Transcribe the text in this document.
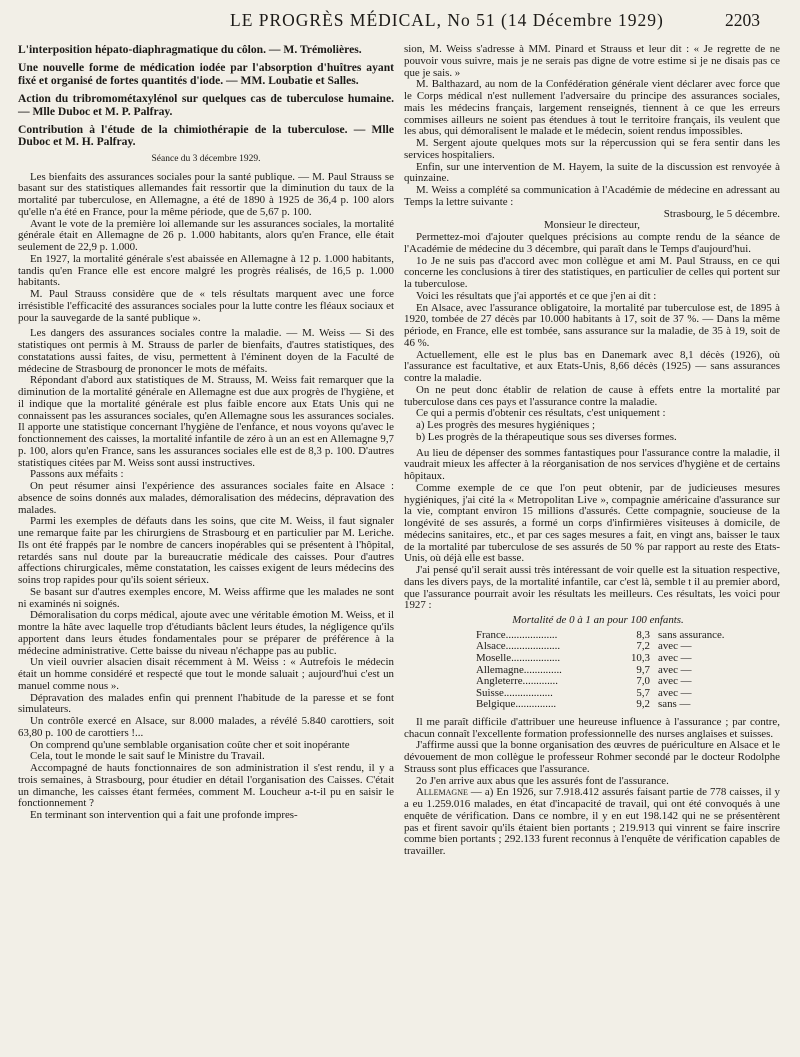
LE PROGRÈS MÉDICAL, No 51 (14 Décembre 1929)	2203

L'interposition hépato-diaphragmatique du côlon. — M. Trémolières.

Une nouvelle forme de médication iodée par l'absorption d'huîtres ayant fixé et organisé de fortes quantités d'iode. — MM. Loubatie et Salles.

Action du tribromométaxylénol sur quelques cas de tuberculose humaine. — Mlle Duboc et M. P. Palfray.

Contribution à l'étude de la chimiothérapie de la tuberculose. — Mlle Duboc et M. H. Palfray.

Séance du 3 décembre 1929.

Les bienfaits des assurances sociales pour la santé publique. — M. Paul Strauss se basant sur des statistiques allemandes fait ressortir que la diminution du taux de la mortalité par tuberculose, en Allemagne, a été de 1890 à 1925 de 36,4 p. 100 alors qu'elle n'a été en France, pour la même période, que de 5,67 p. 100.

Avant le vote de la première loi allemande sur les assurances sociales, la mortalité générale était en Allemagne de 26 p. 1.000 habitants, alors qu'en France, elle était seulement de 22,9 p. 1.000.

En 1927, la mortalité générale s'est abaissée en Allemagne à 12 p. 1.000 habitants, tandis qu'en France elle est encore malgré les progrès réalisés, de 16,5 p. 1.000 habitants.

M. Paul Strauss considère que de « tels résultats marquent avec une force irrésistible l'efficacité des assurances sociales pour la lutte contre les fléaux sociaux et pour la sauvegarde de la santé publique ».

Les dangers des assurances sociales contre la maladie. — M. Weiss — Si des statistiques ont permis à M. Strauss de parler de bienfaits, d'autres statistiques, des constatations aussi faites, de visu, permettent à l'éminent doyen de la Faculté de médecine de Strasbourg de prononcer le mots de méfaits.

Répondant d'abord aux statistiques de M. Strauss, M. Weiss fait remarquer que la diminution de la mortalité générale en Allemagne est due aux progrès de l'hygiène, et il indique que la mortalité générale est plus faible encore aux Etats Unis qui ne connaissent pas les assurances sociales, qu'en Allemagne sous les assurances sociales. Il apporte une statistique concernant l'hygiène de l'enfance, et nous voyons qu'avec le fonctionnement des caisses, la mortalité infantile de zéro à un an est en Allemagne 9,7 p. 100, alors qu'en France, sans les assurances sociales elle est de 8,3 p. 100. D'autres statistiques citées par M. Weiss sont aussi instructives.

Passons aux méfaits :

On peut résumer ainsi l'expérience des assurances sociales faite en Alsace : absence de soins donnés aux malades, démoralisation des médecins, dépravation des malades.

Parmi les exemples de défauts dans les soins, que cite M. Weiss, il faut signaler une remarque faite par les chirurgiens de Strasbourg et en particulier par M. Leriche. Ils ont été frappés par le nombre de cancers inopérables qui se présentent à l'hôpital, retardés sans nul doute par la bureaucratie médicale des caisses. Pour d'autres affections chirurgicales, même constatation, les caisses exigent de leurs médecins des soins trop rapides pour qu'ils soient sérieux.

Se basant sur d'autres exemples encore, M. Weiss affirme que les malades ne sont ni examinés ni soignés.

Démoralisation du corps médical, ajoute avec une véritable émotion M. Weiss, et il montre la hâte avec laquelle trop d'étudiants bâclent leurs études, la négligence qu'ils apportent dans leurs études fondamentales pour se préparer de préférence à la médecine administrative. Cette baisse du niveau n'échappe pas au public.

Un vieil ouvrier alsacien disait récemment à M. Weiss : « Autrefois le médecin était un homme considéré et respecté que tout le monde saluait ; aujourd'hui c'est un manuel comme nous ».

Dépravation des malades enfin qui prennent l'habitude de la paresse et se font simulateurs.

Un contrôle exercé en Alsace, sur 8.000 malades, a révélé 5.840 carottiers, soit 63,80 p. 100 de carottiers !...

On comprend qu'une semblable organisation coûte cher et soit inopérante

Cela, tout le monde le sait sauf le Ministre du Travail.

Accompagné de hauts fonctionnaires de son administration il s'est rendu, il y a trois semaines, à Strasbourg, pour étudier en détail l'organisation des Caisses. C'était un dimanche, les caisses étant fermées, comment M. Loucheur a-t-il pu en saisir le fonctionnement ?

En terminant son intervention qui a fait une profonde impres-

sion, M. Weiss s'adresse à MM. Pinard et Strauss et leur dit : « Je regrette de ne pouvoir vous suivre, mais je ne serais pas digne de votre estime si je ne disais pas ce que je sais. »

M. Balthazard, au nom de la Confédération générale vient déclarer avec force que le Corps médical n'est nullement l'adversaire du principe des assurances sociales, mais les médecins français, largement renseignés, tiennent à ce que les erreurs commises ailleurs ne soient pas étendues à tout le territoire français, ils veulent que les abus, qui démoralisent le malade et le médecin, soient rendus impossibles.

M. Sergent ajoute quelques mots sur la répercussion qui se fera sentir dans les services hospitaliers.

Enfin, sur une intervention de M. Hayem, la suite de la discussion est renvoyée à quinzaine.

M. Weiss a complété sa communication à l'Académie de médecine en adressant au Temps la lettre suivante :

Strasbourg, le 5 décembre.

Monsieur le directeur,

Permettez-moi d'ajouter quelques précisions au compte rendu de la séance de l'Académie de médecine du 3 décembre, qui paraît dans le Temps d'aujourd'hui.

1o Je ne suis pas d'accord avec mon collègue et ami M. Paul Strauss, en ce qui concerne les conclusions à tirer des statistiques, en particulier de celles qui portent sur la tuberculose.

Voici les résultats que j'ai apportés et ce que j'en ai dit :

En Alsace, avec l'assurance obligatoire, la mortalité par tuberculose est, de 1895 à 1920, tombée de 27 décès par 10.000 habitants à 17, soit de 37 %. — Dans la même période, en France, elle est tombée, sans assurance sur la maladie, de 35 à 19, soit de 46 %.

Actuellement, elle est le plus bas en Danemark avec 8,1 décès (1926), où l'assurance est facultative, et aux Etats-Unis, 8,66 décès (1925) — sans assurances contre la maladie.

On ne peut donc établir de relation de cause à effets entre la mortalité par tuberculose dans ces pays et l'assurance contre la maladie.

Ce qui a permis d'obtenir ces résultats, c'est uniquement :

a) Les progrès des mesures hygiéniques ;

b) Les progrès de la thérapeutique sous ses diverses formes.

Au lieu de dépenser des sommes fantastiques pour l'assurance contre la maladie, il vaudrait mieux les affecter à la réorganisation de nos services d'hygiène et de certains hôpitaux.

Comme exemple de ce que l'on peut obtenir, par de judicieuses mesures hygiéniques, j'ai cité la « Metropolitan Live », compagnie américaine d'assurance sur la vie, comptant environ 15 millions d'assurés. Cette compagnie, soucieuse de la longévité de ses assurés, a formé un corps d'infirmières visiteuses à domicile, de médecins sanitaires, etc., et par ces sages mesures a fait, en vingt ans, baisser le taux de la mortalité par tuberculose de ses assurés de 50 % par rapport au reste des Etats-Unis, où déjà elle est basse.

J'ai pensé qu'il serait aussi très intéressant de voir quelle est la situation respective, dans les divers pays, de la mortalité infantile, car c'est là, semble t il au premier abord, que l'assurance pourrait avoir les résultats les meilleurs. Ces résultats, les voici pour 1927 :

Mortalité de 0 à 1 an pour 100 enfants.

France...................	8,3	sans assurance.
Alsace....................	7,2	avec —
Moselle..................	10,3	avec —
Allemagne..............	9,7	avec —
Angleterre.............	7,0	avec —
Suisse..................	5,7	avec —
Belgique...............	9,2	sans —

Il me paraît difficile d'attribuer une heureuse influence à l'assurance ; par contre, chacun connaît l'excellente formation professionnelle des nurses anglaises et suisses.

J'affirme aussi que la bonne organisation des œuvres de puériculture en Alsace et le dévouement de mon collègue le professeur Rohmer secondé par le docteur Rodolphe Strauss sont plus efficaces que l'assurance.

2o J'en arrive aux abus que les assurés font de l'assurance.

Allemagne — a) En 1926, sur 7.918.412 assurés faisant partie de 778 caisses, il y a eu 1.259.016 malades, en état d'incapacité de travail, qui ont été convoqués à une enquête de vérification. Dans ce nombre, il y en eut 198.142 qui ne se présentèrent pas et firent savoir qu'ils étaient bien portants ; 219.913 qui vinrent se faire inscrire comme bien portants ; 292.133 furent reconnus à l'enquête de vérification capables de travailler.
